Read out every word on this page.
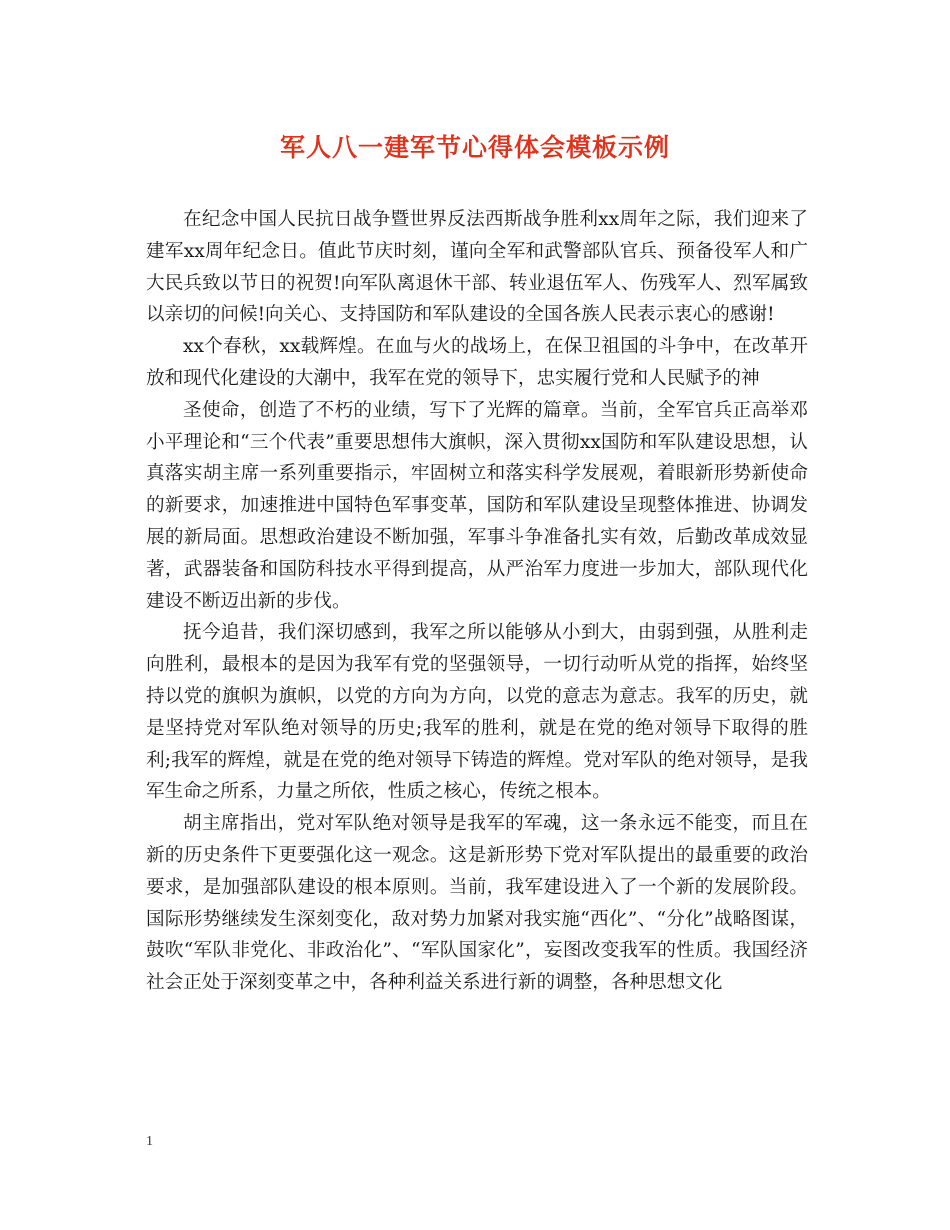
军人八一建军节心得体会模板示例

在纪念中国人民抗日战争暨世界反法西斯战争胜利xx周年之际，我们迎来了建军xx周年纪念日。值此节庆时刻，谨向全军和武警部队官兵、预备役军人和广大民兵致以节日的祝贺!向军队离退休干部、转业退伍军人、伤残军人、烈军属致以亲切的问候!向关心、支持国防和军队建设的全国各族人民表示衷心的感谢!

xx个春秋，xx载辉煌。在血与火的战场上，在保卫祖国的斗争中，在改革开放和现代化建设的大潮中，我军在党的领导下，忠实履行党和人民赋予的神

圣使命，创造了不朽的业绩，写下了光辉的篇章。当前，全军官兵正高举邓小平理论和“三个代表”重要思想伟大旗帜，深入贯彻xx国防和军队建设思想，认真落实胡主席一系列重要指示，牢固树立和落实科学发展观，着眼新形势新使命的新要求，加速推进中国特色军事变革，国防和军队建设呈现整体推进、协调发展的新局面。思想政治建设不断加强，军事斗争准备扎实有效，后勤改革成效显著，武器装备和国防科技水平得到提高，从严治军力度进一步加大，部队现代化建设不断迈出新的步伐。

抚今追昔，我们深切感到，我军之所以能够从小到大，由弱到强，从胜利走向胜利，最根本的是因为我军有党的坚强领导，一切行动听从党的指挥，始终坚持以党的旗帜为旗帜，以党的方向为方向，以党的意志为意志。我军的历史，就是坚持党对军队绝对领导的历史;我军的胜利，就是在党的绝对领导下取得的胜利;我军的辉煌，就是在党的绝对领导下铸造的辉煌。党对军队的绝对领导，是我军生命之所系，力量之所依，性质之核心，传统之根本。

胡主席指出，党对军队绝对领导是我军的军魂，这一条永远不能变，而且在新的历史条件下更要强化这一观念。这是新形势下党对军队提出的最重要的政治要求，是加强部队建设的根本原则。当前，我军建设进入了一个新的发展阶段。国际形势继续发生深刻变化，敌对势力加紧对我实施“西化”、“分化”战略图谋，鼓吹“军队非党化、非政治化”、“军队国家化”，妄图改变我军的性质。我国经济社会正处于深刻变革之中，各种利益关系进行新的调整，各种思想文化

1
